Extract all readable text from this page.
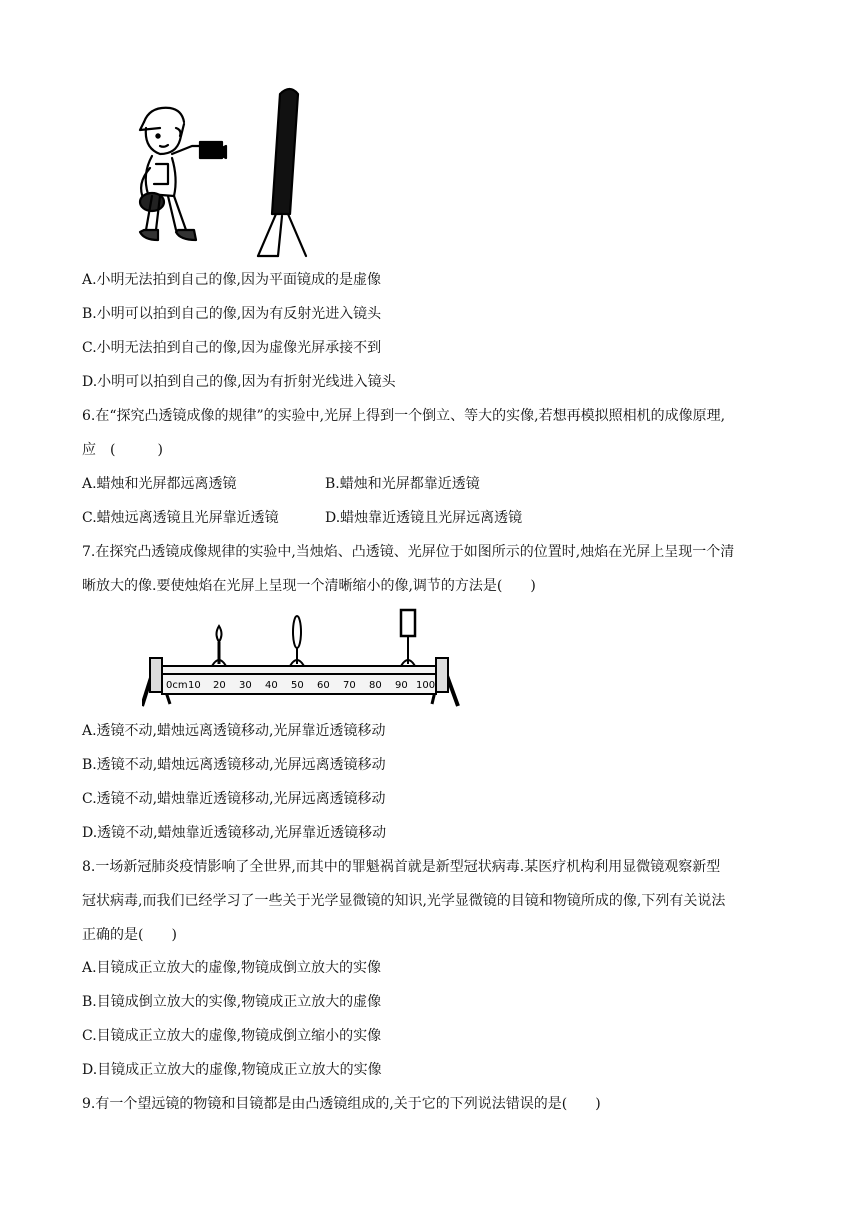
A.小明无法拍到自己的像,因为平面镜成的是虚像
B.小明可以拍到自己的像,因为有反射光进入镜头
C.小明无法拍到自己的像,因为虚像光屏承接不到
D.小明可以拍到自己的像,因为有折射光线进入镜头
6.在“探究凸透镜成像的规律”的实验中,光屏上得到一个倒立、等大的实像,若想再模拟照相机的成像原理,
应　(　　　)
A.蜡烛和光屏都远离透镜	B.蜡烛和光屏都靠近透镜
C.蜡烛远离透镜且光屏靠近透镜	D.蜡烛靠近透镜且光屏远离透镜
7.在探究凸透镜成像规律的实验中,当烛焰、凸透镜、光屏位于如图所示的位置时,烛焰在光屏上呈现一个清
晰放大的像.要使烛焰在光屏上呈现一个清晰缩小的像,调节的方法是(　　)
0cm 10 20 30 40 50 60 70 80 90 100
A.透镜不动,蜡烛远离透镜移动,光屏靠近透镜移动
B.透镜不动,蜡烛远离透镜移动,光屏远离透镜移动
C.透镜不动,蜡烛靠近透镜移动,光屏远离透镜移动
D.透镜不动,蜡烛靠近透镜移动,光屏靠近透镜移动
8.一场新冠肺炎疫情影响了全世界,而其中的罪魁祸首就是新型冠状病毒.某医疗机构利用显微镜观察新型
冠状病毒,而我们已经学习了一些关于光学显微镜的知识,光学显微镜的目镜和物镜所成的像,下列有关说法
正确的是(　　)
A.目镜成正立放大的虚像,物镜成倒立放大的实像
B.目镜成倒立放大的实像,物镜成正立放大的虚像
C.目镜成正立放大的虚像,物镜成倒立缩小的实像
D.目镜成正立放大的虚像,物镜成正立放大的实像
9.有一个望远镜的物镜和目镜都是由凸透镜组成的,关于它的下列说法错误的是(　　)
